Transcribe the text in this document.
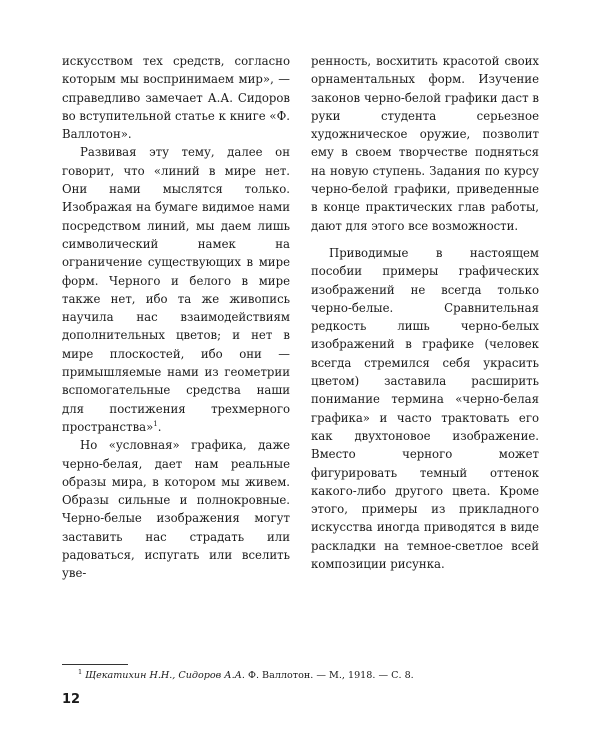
искусством тех средств, согласно которым мы воспринимаем мир», — справедливо замечает А.А. Сидоров во вступительной статье к книге «Ф. Валлотон».

Развивая эту тему, далее он говорит, что «линий в мире нет. Они нами мыслятся только. Изображая на бумаге видимое нами посредством линий, мы даем лишь символический намек на ограничение существующих в мире форм. Черного и белого в мире также нет, ибо та же живопись научила нас взаимодействиям дополнительных цветов; и нет в мире плоскостей, ибо они — примышляемые нами из геометрии вспомогательные средства наши для постижения трехмерного пространства»$^1$.

Но «условная» графика, даже черно-белая, дает нам реальные образы мира, в котором мы живем. Образы сильные и полнокровные. Черно-белые изображения могут заставить нас страдать или радоваться, испугать или вселить уве-

ренность, восхитить красотой своих орнаментальных форм. Изучение законов черно-белой графики даст в руки студента серьезное художническое оружие, позволит ему в своем творчестве подняться на новую ступень. Задания по курсу черно-белой графики, приведенные в конце практических глав работы, дают для этого все возможности.

Приводимые в настоящем пособии примеры графических изображений не всегда только черно-белые. Сравнительная редкость лишь черно-белых изображений в графике (человек всегда стремился себя украсить цветом) заставила расширить понимание термина «черно-белая графика» и часто трактовать его как двухтоновое изображение. Вместо черного может фигурировать темный оттенок какого-либо другого цвета. Кроме этого, примеры из прикладного искусства иногда приводятся в виде раскладки на темное-светлое всей композиции рисунка.

$^1$ Щекатихин Н.Н., Сидоров А.А. Ф. Валлотон. — М., 1918. — С. 8.
12
